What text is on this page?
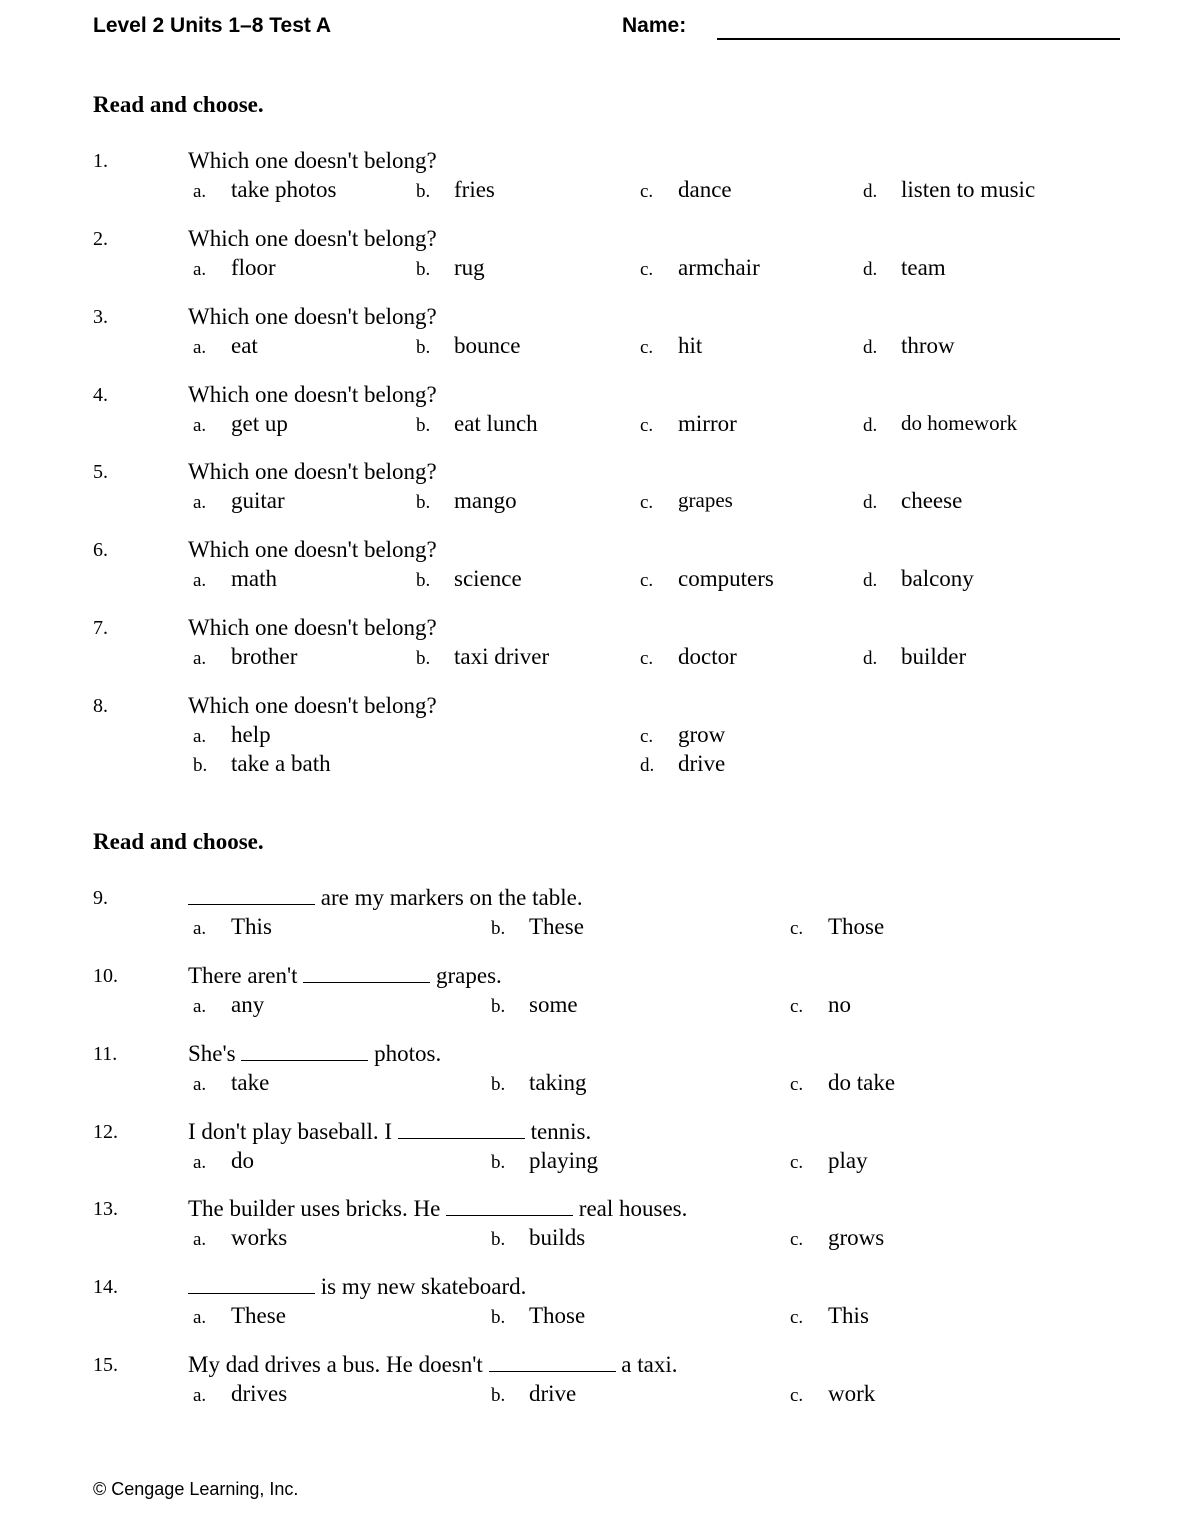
Level 2 Units 1–8 Test A	Name:
Read and choose.
1.	Which one doesn't belong?
a. take photos	b. fries	c. dance	d. listen to music
2.	Which one doesn't belong?
a. floor	b. rug	c. armchair	d. team
3.	Which one doesn't belong?
a. eat	b. bounce	c. hit	d. throw
4.	Which one doesn't belong?
a. get up	b. eat lunch	c. mirror	d. do homework
5.	Which one doesn't belong?
a. guitar	b. mango	c. grapes	d. cheese
6.	Which one doesn't belong?
a. math	b. science	c. computers	d. balcony
7.	Which one doesn't belong?
a. brother	b. taxi driver	c. doctor	d. builder
8.	Which one doesn't belong?
a. help
b. take a bath
c. grow
d. drive
Read and choose.
9.	are my markers on the table.
a. This	b. These	c. Those
10.	There aren't	grapes.
a. any	b. some	c. no
11.	She's	photos.
a. take	b. taking	c. do take
12.	I don't play baseball. I	tennis.
a. do	b. playing	c. play
13.	The builder uses bricks. He	real houses.
a. works	b. builds	c. grows
14.	is my new skateboard.
a. These	b. Those	c. This
15.	My dad drives a bus. He doesn't	a taxi.
a. drives	b. drive	c. work
© Cengage Learning, Inc.
